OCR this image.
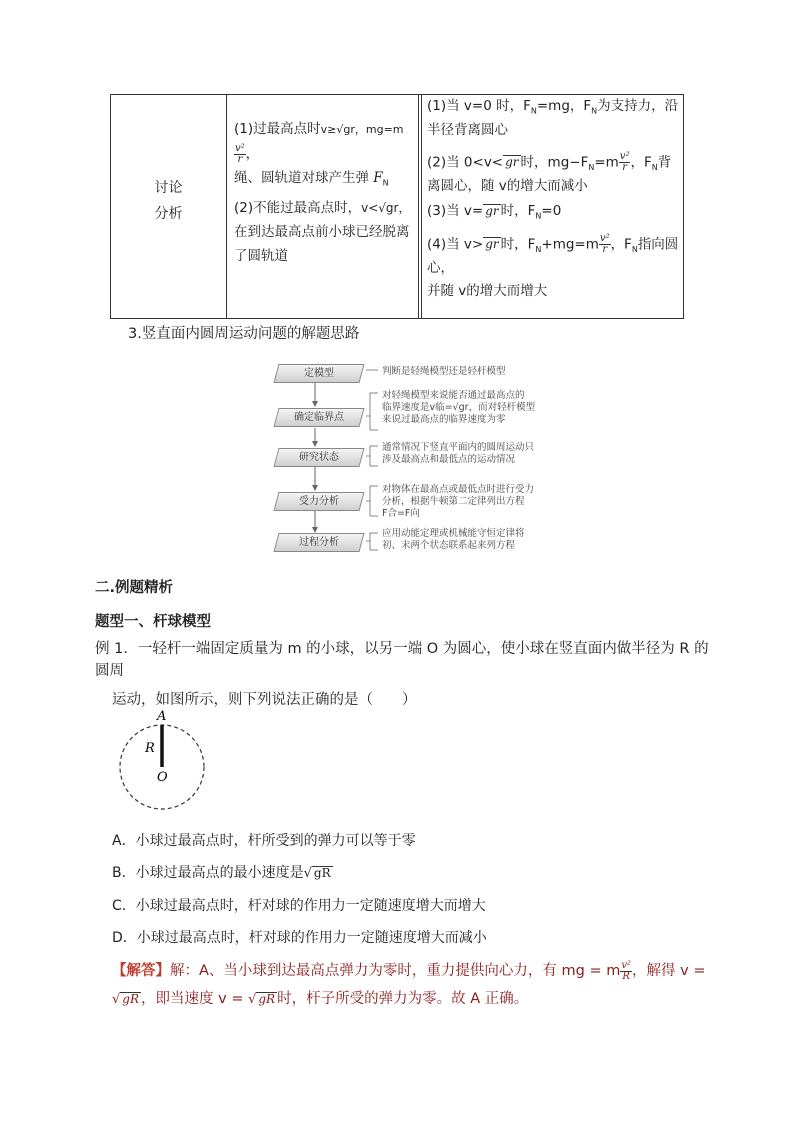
讨论
分析

(1)过最高点时v≥√gr，mg=m
$\frac{\text{v²}}{r}$ ，

绳、圆轨道对球产生弹 $F_N$

(2)不能过最高点时，v<√gr，

在到达最高点前小球已经脱离了圆轨道

(1)当 v=0 时，$F_N=mg$，$F_N$为支持力，沿半径背离圆心

(2)当 0<v< gr 时，$mg-F_N=m \frac{\text{v²}}{r}$ ，$F_N$背离圆心，随 v的增大而减小

(3)当 v= gr 时，$F_N=0$

(4)当 v> gr 时，$F_N+mg=m \frac{\text{v²}}{r}$ ，$F_N$指向圆心，

并随 v的增大而增大

3.竖直面内圆周运动问题的解题思路
定模型
确定临界点
研究状态
受力分析
过程分析
判断是轻绳模型还是轻杆模型
对轻绳模型来说能否通过最高点的
临界速度是v临=√gr，而对轻杆模型
来说过最高点的临界速度为零
通常情况下竖直平面内的圆周运动只
涉及最高点和最低点的运动情况
对物体在最高点或最低点时进行受力
分析，根据牛顿第二定律列出方程
F合=F向
应用动能定理或机械能守恒定律将
初、末两个状态联系起来列方程
二.例题精析
题型一、杆球模型
例 1．一轻杆一端固定质量为 m 的小球，以另一端 O 为圆心，使小球在竖直面内做半径为 R 的圆周
运动，如图所示，则下列说法正确的是（　　）
A
R
O
A．小球过最高点时，杆所受到的弹力可以等于零
B．小球过最高点的最小速度是√ gR
C．小球过最高点时，杆对球的作用力一定随速度增大而增大
D．小球过最高点时，杆对球的作用力一定随速度增大而减小
【解答】解：A、当小球到达最高点弹力为零时，重力提供向心力，有 mg = m $\frac{\text{v²}}{R}$ ，解得 v =
√ gR ，即当速度 v = √ gR 时，杆子所受的弹力为零。故 A 正确。
